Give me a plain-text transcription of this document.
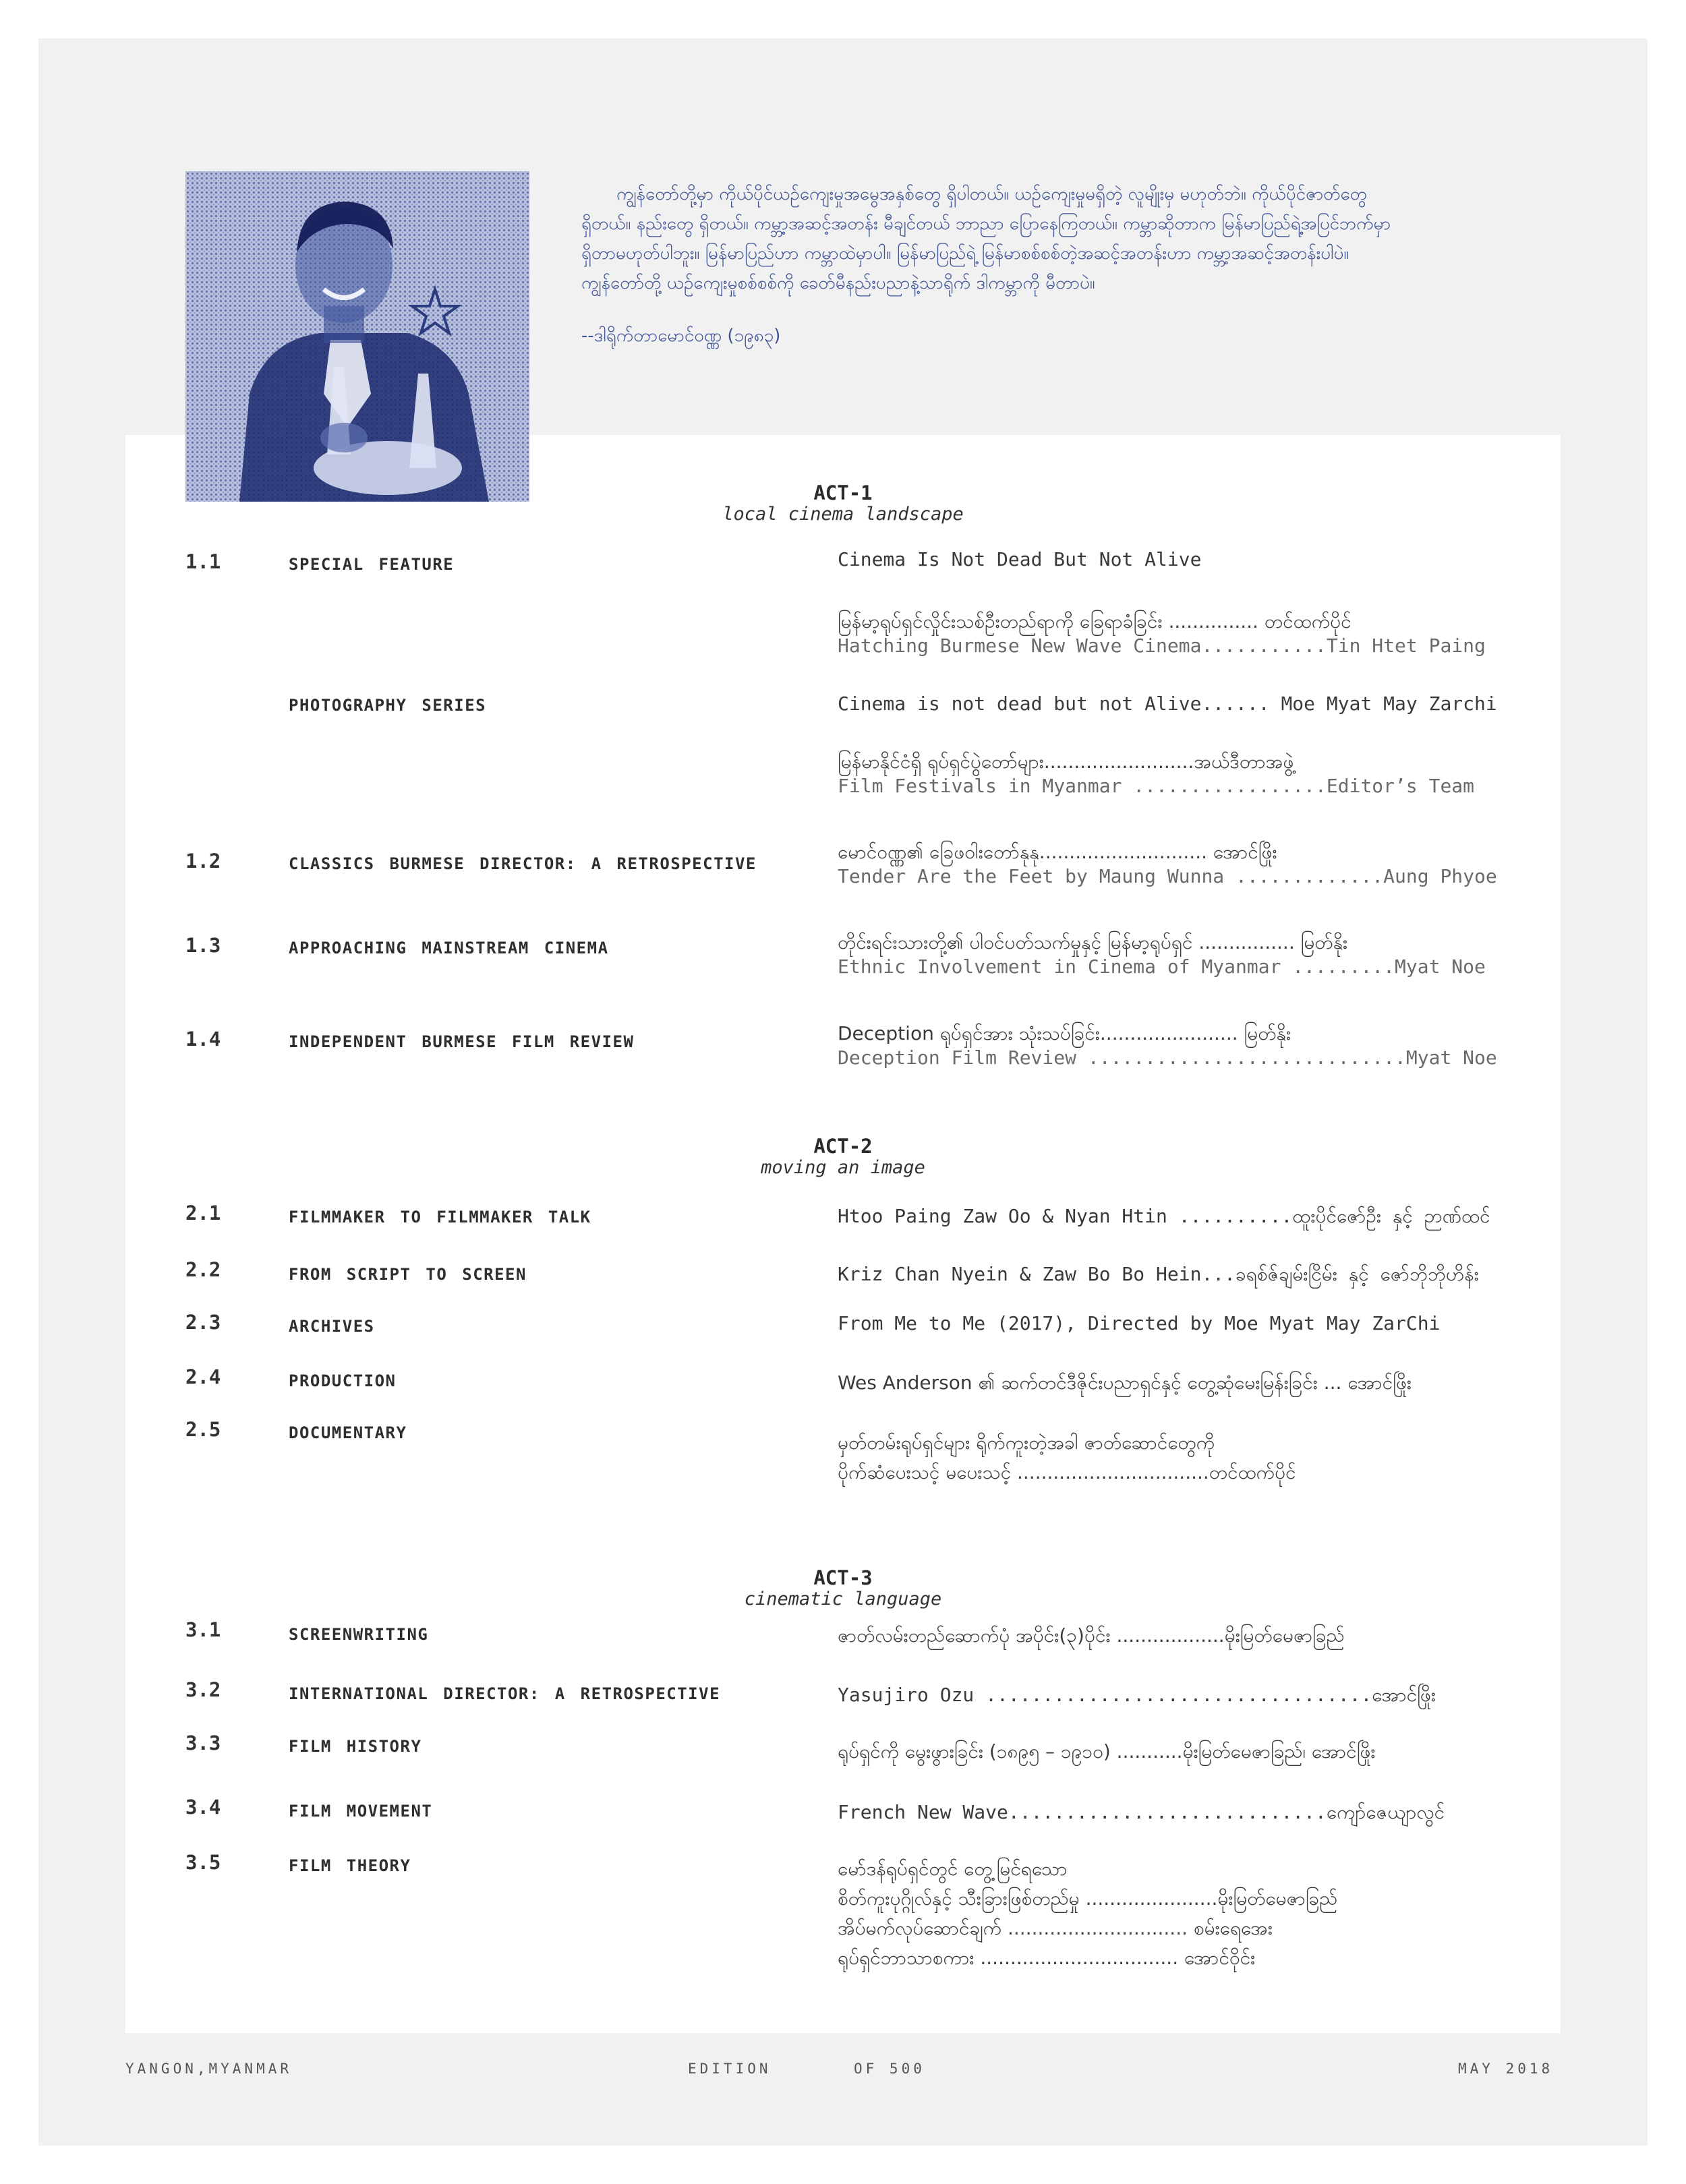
ကျွန်တော်တို့မှာ ကိုယ်ပိုင်ယဉ်ကျေးမှုအမွေအနှစ်တွေ ရှိပါတယ်။ ယဉ်ကျေးမှုမရှိတဲ့ လူမျိုးမှ မဟုတ်ဘဲ။ ကိုယ်ပိုင်ဇာတ်တွေ

ရှိတယ်။ နည်းတွေ ရှိတယ်။ ကမ္ဘာ့အဆင့်အတန်း မီချင်တယ် ဘာညာ ပြောနေကြတယ်။ ကမ္ဘာဆိုတာက မြန်မာပြည်ရဲ့အပြင်ဘက်မှာ

ရှိတာမဟုတ်ပါဘူး။ မြန်မာပြည်ဟာ ကမ္ဘာထဲမှာပါ။ မြန်မာပြည်ရဲ့ မြန်မာစစ်စစ်တဲ့အဆင့်အတန်းဟာ ကမ္ဘာ့အဆင့်အတန်းပါပဲ။

ကျွန်တော်တို့ ယဉ်ကျေးမှုစစ်စစ်ကို ခေတ်မီနည်းပညာနဲ့သာရိုက် ဒါကမ္ဘာကို မီတာပဲ။

--ဒါရိုက်တာမောင်ဝဏ္ဏ (၁၉၈၃)
ACT-1
local cinema landscape
1.1	SPECIAL FEATURE	Cinema Is Not Dead But Not Alive
မြန်မာ့ရုပ်ရှင်လှိုင်းသစ်ဦးတည်ရာကို ခြေရာခံခြင်း ............... တင်ထက်ပိုင်
Hatching Burmese New Wave Cinema...........Tin Htet Paing
PHOTOGRAPHY SERIES	Cinema is not dead but not Alive...... Moe Myat May Zarchi
မြန်မာနိုင်ငံရှိ ရုပ်ရှင်ပွဲတော်များ.........................အယ်ဒီတာအဖွဲ့
Film Festivals in Myanmar .................Editor’s Team
1.2	CLASSICS BURMESE DIRECTOR: A RETROSPECTIVE
မောင်ဝဏ္ဏ၏ ခြေဖဝါးတော်နုနု............................ အောင်ဖြိုး
Tender Are the Feet by Maung Wunna .............Aung Phyoe
1.3	APPROACHING MAINSTREAM CINEMA	တိုင်းရင်းသားတို့၏ ပါဝင်ပတ်သက်မှုနှင့် မြန်မာ့ရုပ်ရှင် ................ မြတ်နိုး
Ethnic Involvement in Cinema of Myanmar .........Myat Noe
1.4	INDEPENDENT BURMESE FILM REVIEW	Deception ရုပ်ရှင်အား သုံးသပ်ခြင်း....................... မြတ်နိုး
Deception Film Review ............................Myat Noe
ACT-2
moving an image
2.1	FILMMAKER TO FILMMAKER TALK	Htoo Paing Zaw Oo & Nyan Htin ..........ထူးပိုင်ဇော်ဦး နှင့် ဉာဏ်ထင်
2.2	FROM SCRIPT TO SCREEN	Kriz Chan Nyein & Zaw Bo Bo Hein...ခရစ်ဇ်ချမ်းငြိမ်း နှင့် ဇော်ဘိုဘိုဟိန်း
2.3	ARCHIVES	From Me to Me (2017), Directed by Moe Myat May ZarChi
2.4	PRODUCTION	Wes Anderson ၏ ဆက်တင်ဒီဇိုင်းပညာရှင်နှင့် တွေ့ဆုံမေးမြန်းခြင်း ... အောင်ဖြိုး
2.5	DOCUMENTARY	မှတ်တမ်းရုပ်ရှင်များ ရိုက်ကူးတဲ့အခါ ဇာတ်ဆောင်တွေကို
ပိုက်ဆံပေးသင့် မပေးသင့် ................................တင်ထက်ပိုင်
ACT-3
cinematic language
3.1	SCREENWRITING	ဇာတ်လမ်းတည်ဆောက်ပုံ အပိုင်း(၃)ပိုင်း ..................မိုးမြတ်မေဇာခြည်
3.2	INTERNATIONAL DIRECTOR: A RETROSPECTIVE	Yasujiro Ozu ..................................အောင်ဖြိုး
3.3	FILM HISTORY	ရုပ်ရှင်ကို မွေးဖွားခြင်း (၁၈၉၅ – ၁၉၁၀) ...........မိုးမြတ်မေဇာခြည်၊ အောင်ဖြိုး
3.4	FILM MOVEMENT	French New Wave............................ကျော်ဇေယျာလွင်
3.5	FILM THEORY	မော်ဒန်ရုပ်ရှင်တွင် တွေ့မြင်ရသော
စိတ်ကူးပုဂ္ဂိုလ်နှင့် သီးခြားဖြစ်တည်မှု ......................မိုးမြတ်မေဇာခြည်
အိပ်မက်လုပ်ဆောင်ချက် .............................. စမ်းရေအေး
ရုပ်ရှင်ဘာသာစကား ................................. အောင်ဝိုင်း
YANGON,MYANMAR	EDITION	OF 500	MAY 2018
